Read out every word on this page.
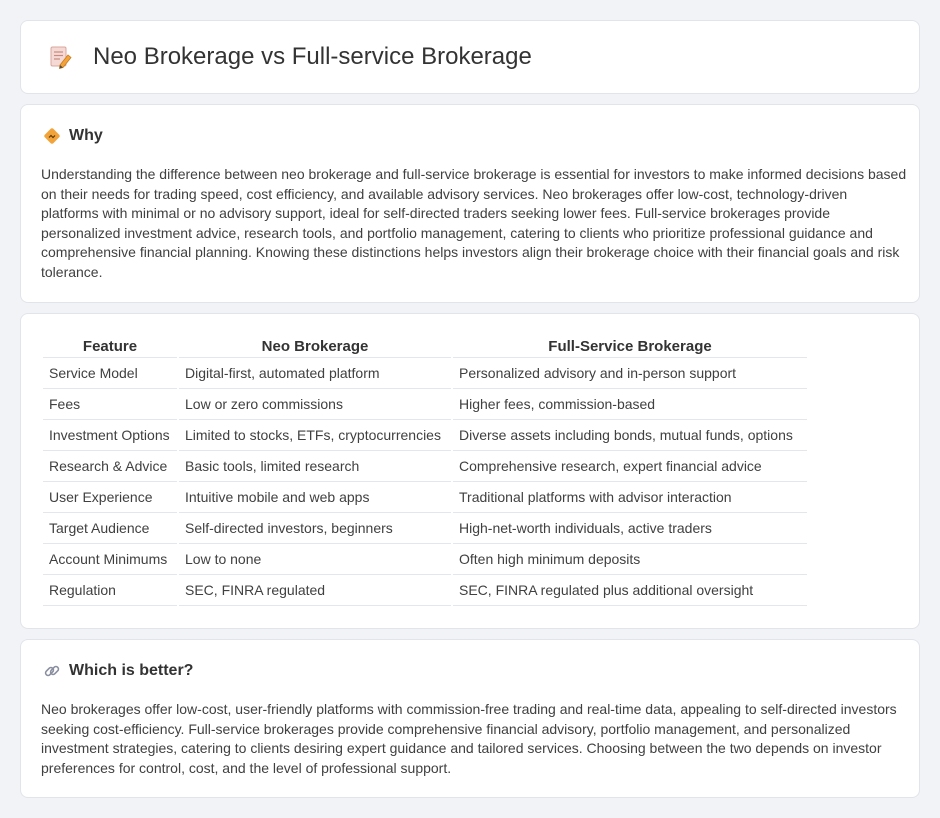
Neo Brokerage vs Full-service Brokerage
Why

Understanding the difference between neo brokerage and full-service brokerage is essential for investors to make informed decisions based on their needs for trading speed, cost efficiency, and available advisory services. Neo brokerages offer low-cost, technology-driven platforms with minimal or no advisory support, ideal for self-directed traders seeking lower fees. Full-service brokerages provide personalized investment advice, research tools, and portfolio management, catering to clients who prioritize professional guidance and comprehensive financial planning. Knowing these distinctions helps investors align their brokerage choice with their financial goals and risk tolerance.

Feature	Neo Brokerage	Full-Service Brokerage
Service Model	Digital-first, automated platform	Personalized advisory and in-person support
Fees	Low or zero commissions	Higher fees, commission-based
Investment Options	Limited to stocks, ETFs, cryptocurrencies	Diverse assets including bonds, mutual funds, options
Research & Advice	Basic tools, limited research	Comprehensive research, expert financial advice
User Experience	Intuitive mobile and web apps	Traditional platforms with advisor interaction
Target Audience	Self-directed investors, beginners	High-net-worth individuals, active traders
Account Minimums	Low to none	Often high minimum deposits
Regulation	SEC, FINRA regulated	SEC, FINRA regulated plus additional oversight
Which is better?

Neo brokerages offer low-cost, user-friendly platforms with commission-free trading and real-time data, appealing to self-directed investors seeking cost-efficiency. Full-service brokerages provide comprehensive financial advisory, portfolio management, and personalized investment strategies, catering to clients desiring expert guidance and tailored services. Choosing between the two depends on investor preferences for control, cost, and the level of professional support.
